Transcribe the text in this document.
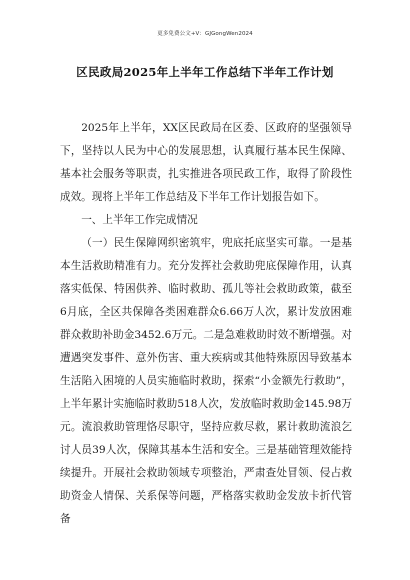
更多免费公文+V：GJGongWen2024
区民政局2025年上半年工作总结下半年工作计划

2025年上半年，XX区民政局在区委、区政府的坚强领导下，坚持以人民为中心的发展思想，认真履行基本民生保障、基本社会服务等职责，扎实推进各项民政工作，取得了阶段性成效。现将上半年工作总结及下半年工作计划报告如下。

一、上半年工作完成情况

（一）民生保障网织密筑牢，兜底托底坚实可靠。一是基本生活救助精准有力。充分发挥社会救助兜底保障作用，认真落实低保、特困供养、临时救助、孤儿等社会救助政策，截至6月底，全区共保障各类困难群众6.66万人次，累计发放困难群众救助补助金3452.6万元。二是急难救助时效不断增强。对遭遇突发事件、意外伤害、重大疾病或其他特殊原因导致基本生活陷入困境的人员实施临时救助，探索“小金额先行救助”，上半年累计实施临时救助518人次，发放临时救助金145.98万元。流浪救助管理恪尽职守，坚持应救尽救，累计救助流浪乞讨人员39人次，保障其基本生活和安全。三是基础管理效能持续提升。开展社会救助领域专项整治，严肃查处冒领、侵占救助资金人情保、关系保等问题，严格落实救助金发放卡折代管备
